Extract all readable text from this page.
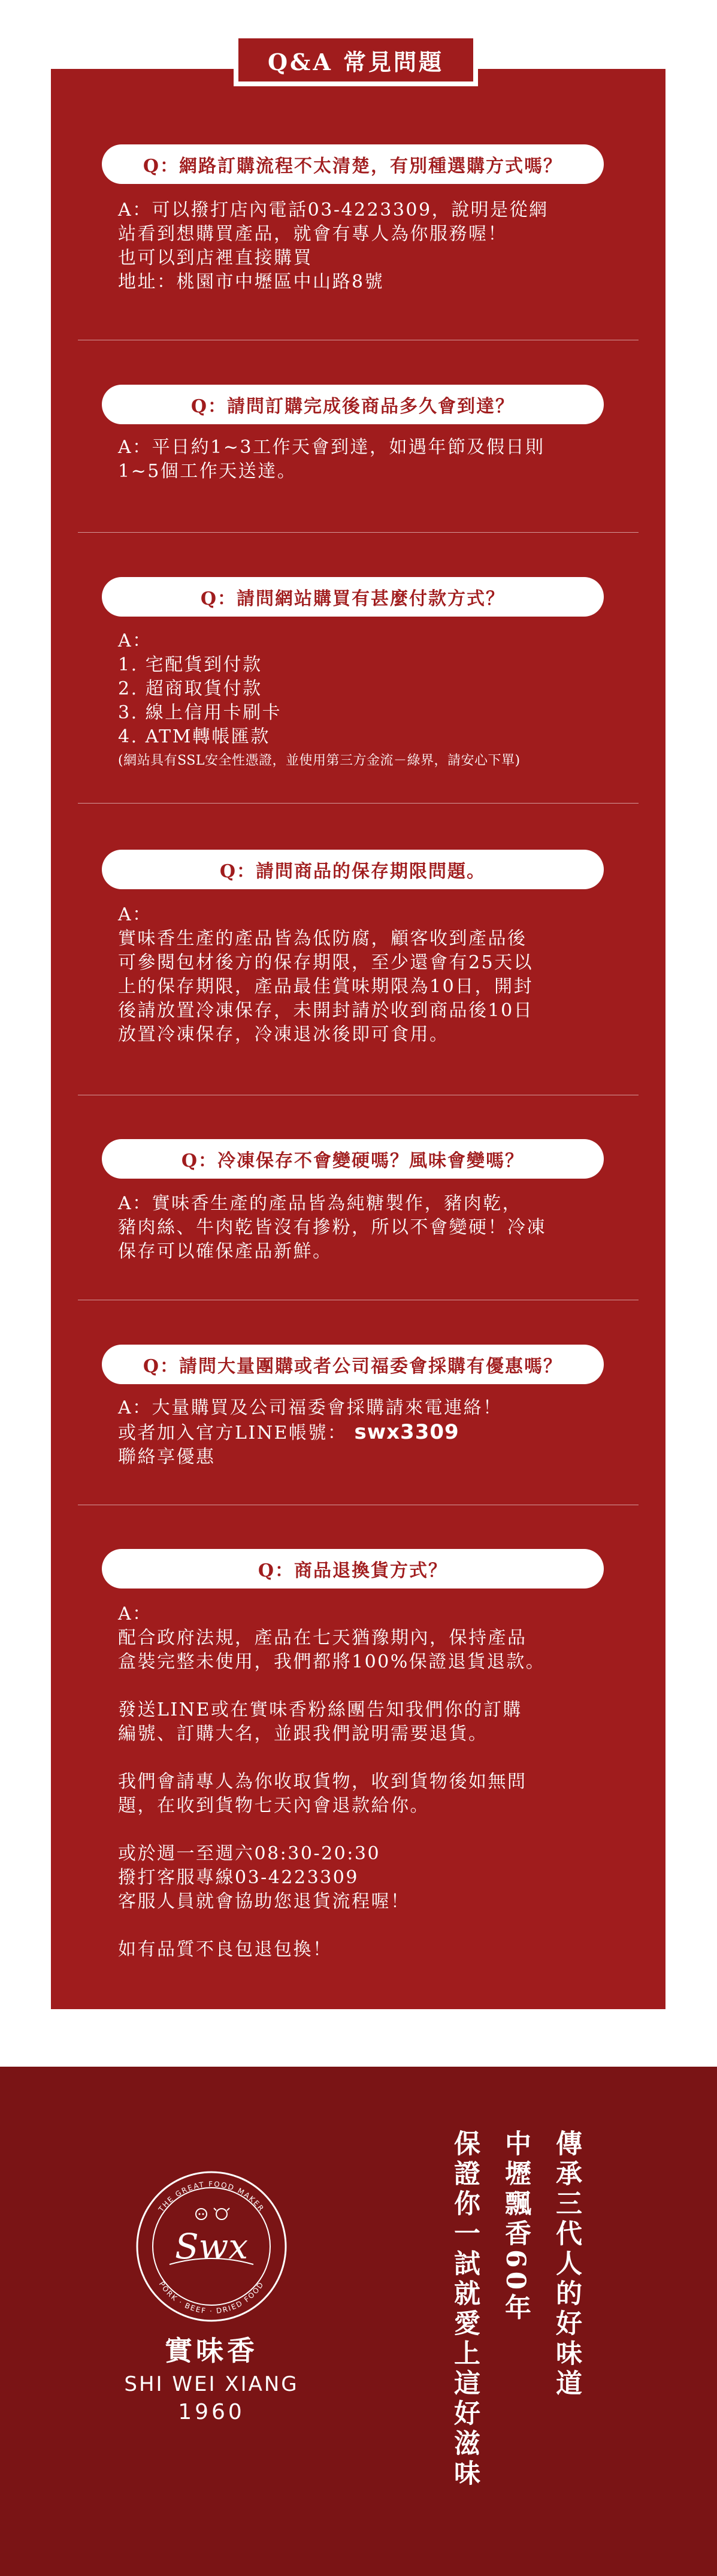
Q：網路訂購流程不太清楚，有別種選購方式嗎？

A：可以撥打店內電話03-4223309，說明是從網

站看到想購買產品，就會有專人為你服務喔！

也可以到店裡直接購買

地址：桃園市中壢區中山路8號

Q：請問訂購完成後商品多久會到達？

A：平日約1~3工作天會到達，如遇年節及假日則

1~5個工作天送達。

Q：請問網站購買有甚麼付款方式？

A：

1. 宅配貨到付款

2. 超商取貨付款

3. 線上信用卡刷卡

4. ATM轉帳匯款

(網站具有SSL安全性憑證，並使用第三方金流－綠界，請安心下單)

Q：請問商品的保存期限問題。

A：

實味香生產的產品皆為低防腐，顧客收到產品後

可參閱包材後方的保存期限，至少還會有25天以

上的保存期限，產品最佳賞味期限為10日，開封

後請放置冷凍保存，未開封請於收到商品後10日

放置冷凍保存，冷凍退冰後即可食用。

Q：冷凍保存不會變硬嗎？風味會變嗎？

A：實味香生產的產品皆為純糖製作，豬肉乾，

豬肉絲、牛肉乾皆沒有摻粉，所以不會變硬！冷凍

保存可以確保產品新鮮。

Q：請問大量團購或者公司福委會採購有優惠嗎？

A：大量購買及公司福委會採購請來電連絡！

或者加入官方LINE帳號： swx3309

聯絡享優惠

Q：商品退換貨方式？

A：

配合政府法規，產品在七天猶豫期內，保持產品

盒裝完整未使用，我們都將100%保證退貨退款。

發送LINE或在實味香粉絲團告知我們你的訂購

編號、訂購大名，並跟我們說明需要退貨。

我們會請專人為你收取貨物，收到貨物後如無問

題，在收到貨物七天內會退款給你。

或於週一至週六08:30-20:30

撥打客服專線03-4223309

客服人員就會協助您退貨流程喔！

如有品質不良包退包換！

Q&A 常見問題
THE GREAT FOOD MAKER
PORK · BEEF · DRIED FOOD
Swx
實味香
SHI WEI XIANG
1960
傳承三代人的好味道
中壢飄香60年
保證你一試就愛上這好滋味
